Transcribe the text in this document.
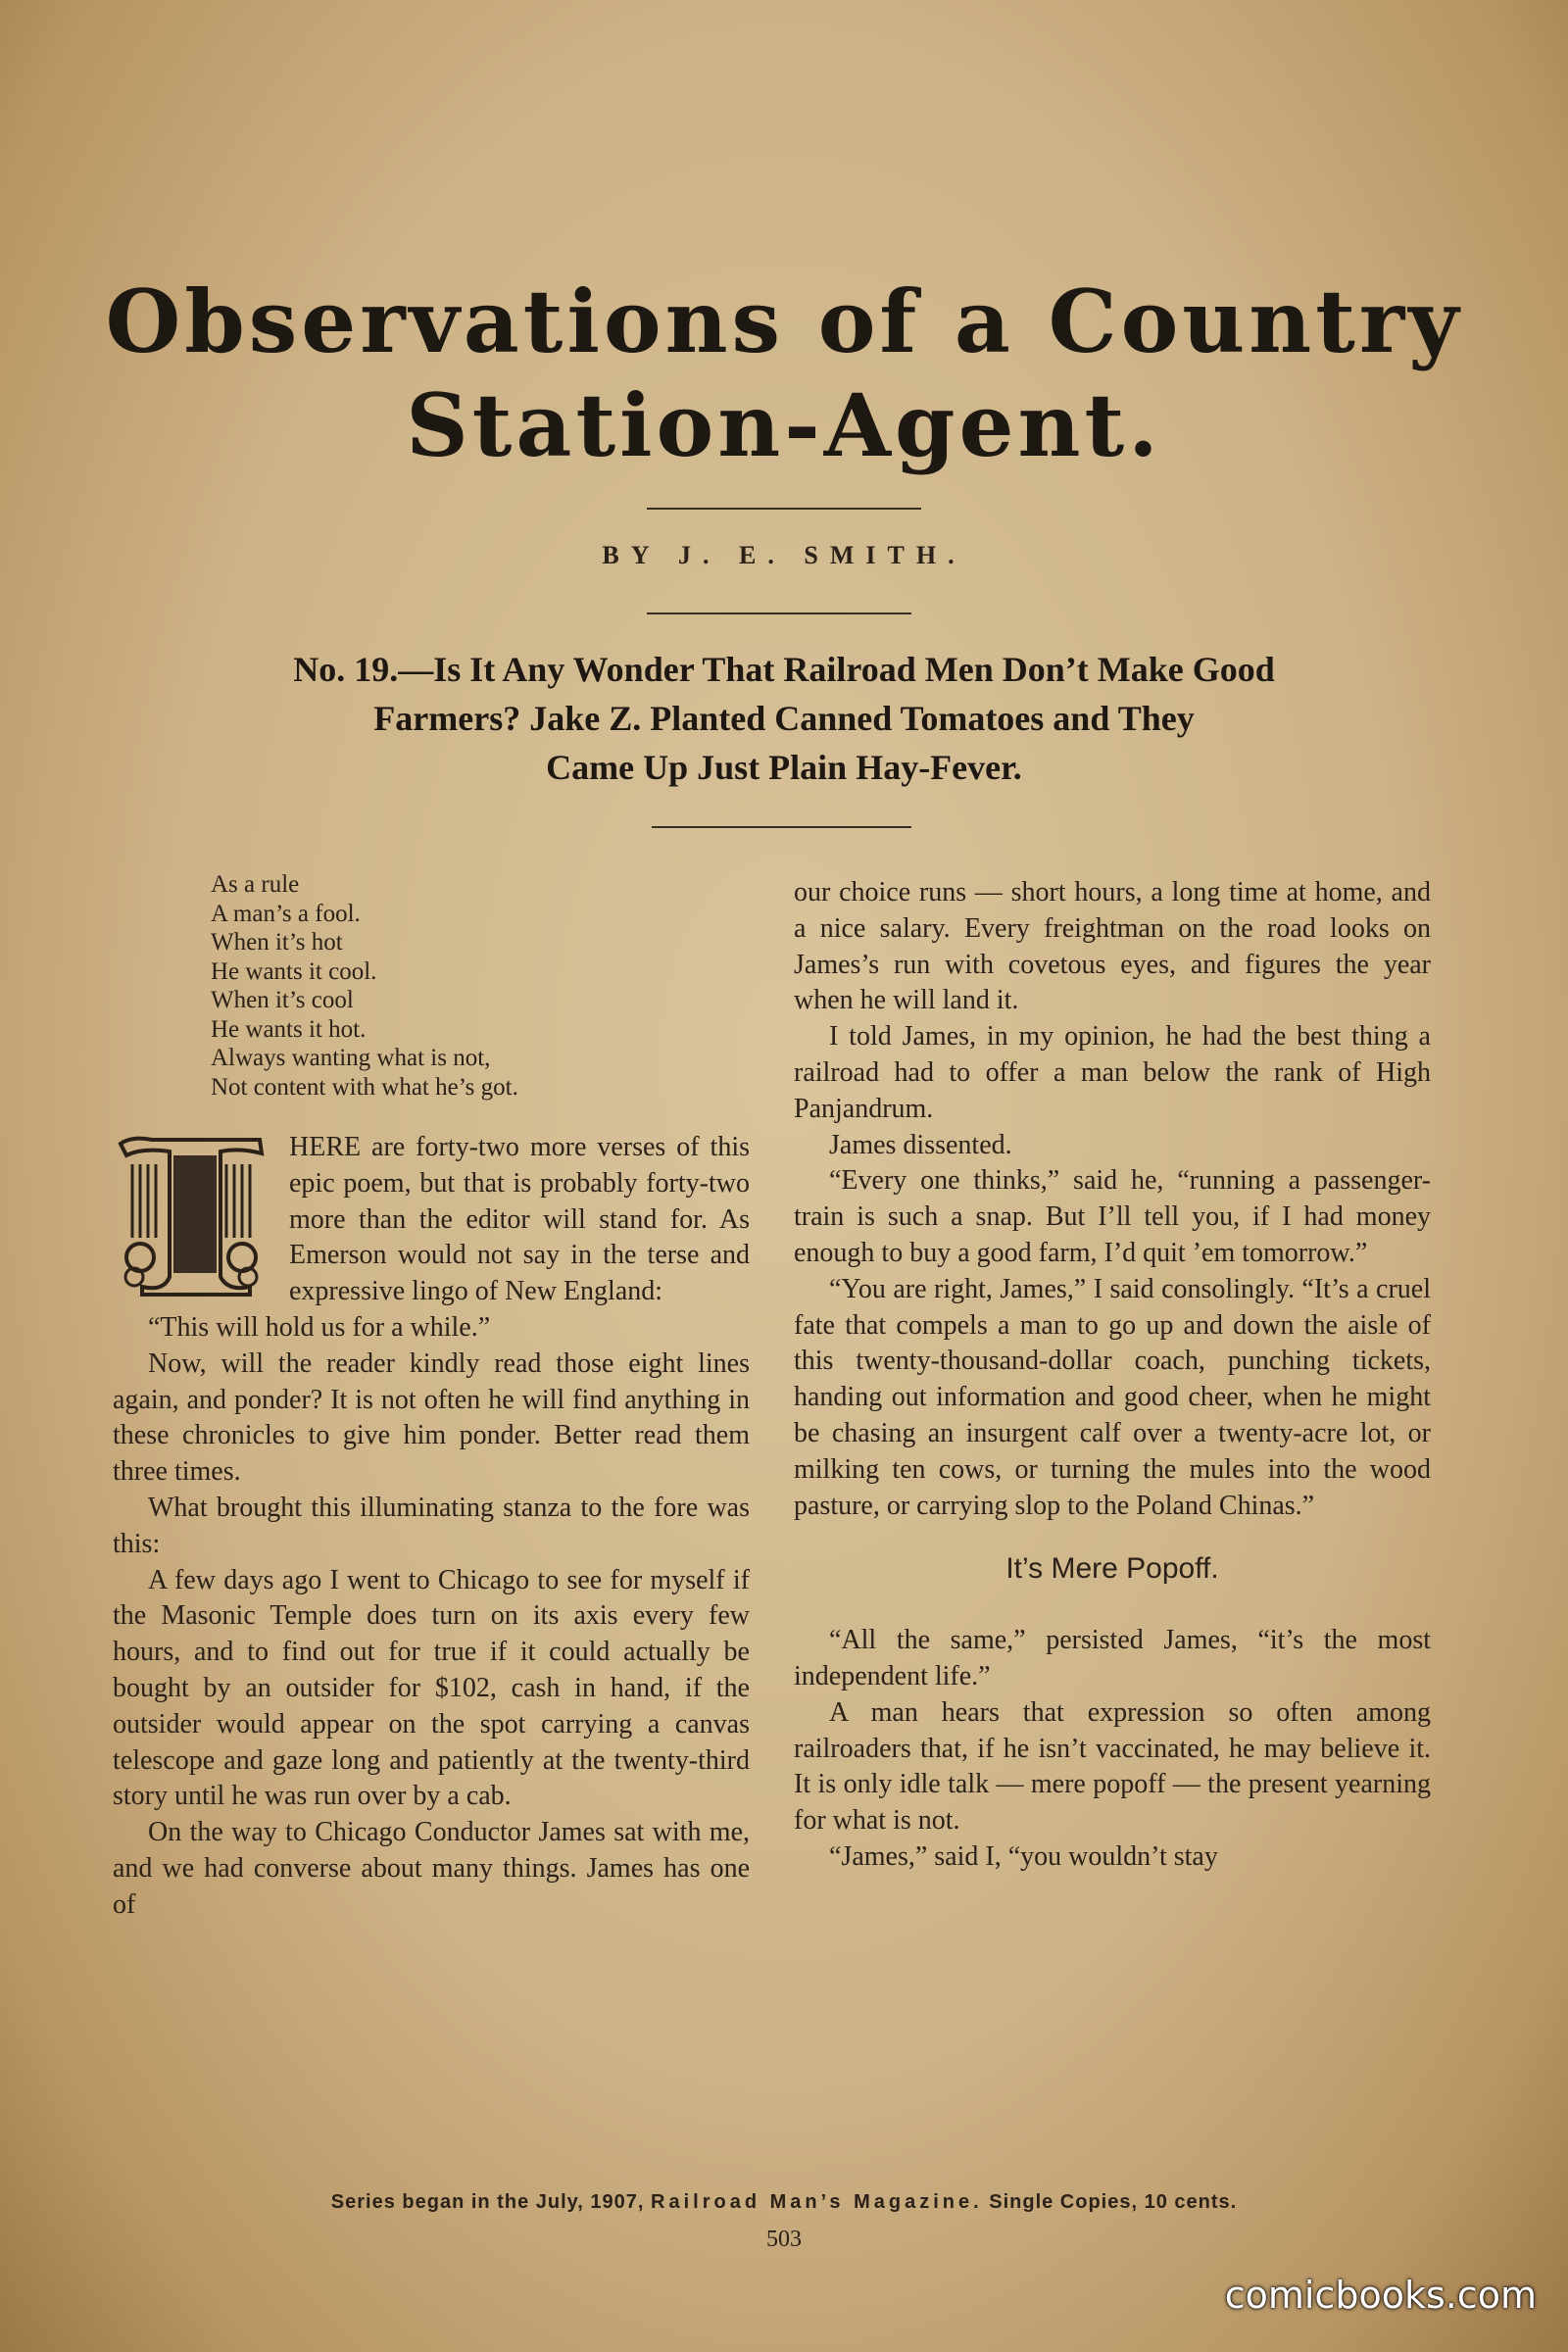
Observations of a Country
Station-Agent.
BY J. E. SMITH.
No. 19.—Is It Any Wonder That Railroad Men Don’t Make Good
Farmers? Jake Z. Planted Canned Tomatoes and They
Came Up Just Plain Hay-Fever.
As a rule
A man’s a fool.
When it’s hot
He wants it cool.
When it’s cool
He wants it hot.
Always wanting what is not,
Not content with what he’s got.
HERE are forty-two more verses of this epic poem, but that is probably forty-two more than the editor will stand for. As Emerson would not say in the terse and expressive lingo of New England:

“This will hold us for a while.”

Now, will the reader kindly read those eight lines again, and ponder? It is not often he will find anything in these chronicles to give him ponder. Better read them three times.

What brought this illuminating stanza to the fore was this:

A few days ago I went to Chicago to see for myself if the Masonic Temple does turn on its axis every few hours, and to find out for true if it could actually be bought by an outsider for $102, cash in hand, if the outsider would appear on the spot carrying a canvas telescope and gaze long and patiently at the twenty-third story until he was run over by a cab.

On the way to Chicago Conductor James sat with me, and we had converse about many things. James has one of

our choice runs — short hours, a long time at home, and a nice salary. Every freightman on the road looks on James’s run with covetous eyes, and figures the year when he will land it.

I told James, in my opinion, he had the best thing a railroad had to offer a man below the rank of High Panjandrum.

James dissented.

“Every one thinks,” said he, “running a passenger-train is such a snap. But I’ll tell you, if I had money enough to buy a good farm, I’d quit ’em tomorrow.”

“You are right, James,” I said consolingly. “It’s a cruel fate that compels a man to go up and down the aisle of this twenty-thousand-dollar coach, punching tickets, handing out information and good cheer, when he might be chasing an insurgent calf over a twenty-acre lot, or milking ten cows, or turning the mules into the wood pasture, or carrying slop to the Poland Chinas.”

It’s Mere Popoff.

“All the same,” persisted James, “it’s the most independent life.”

A man hears that expression so often among railroaders that, if he isn’t vaccinated, he may believe it. It is only idle talk — mere popoff — the present yearning for what is not.

“James,” said I, “you wouldn’t stay

Series began in the July, 1907, Railroad Man’s Magazine. Single Copies, 10 cents.
503
comicbooks.com
